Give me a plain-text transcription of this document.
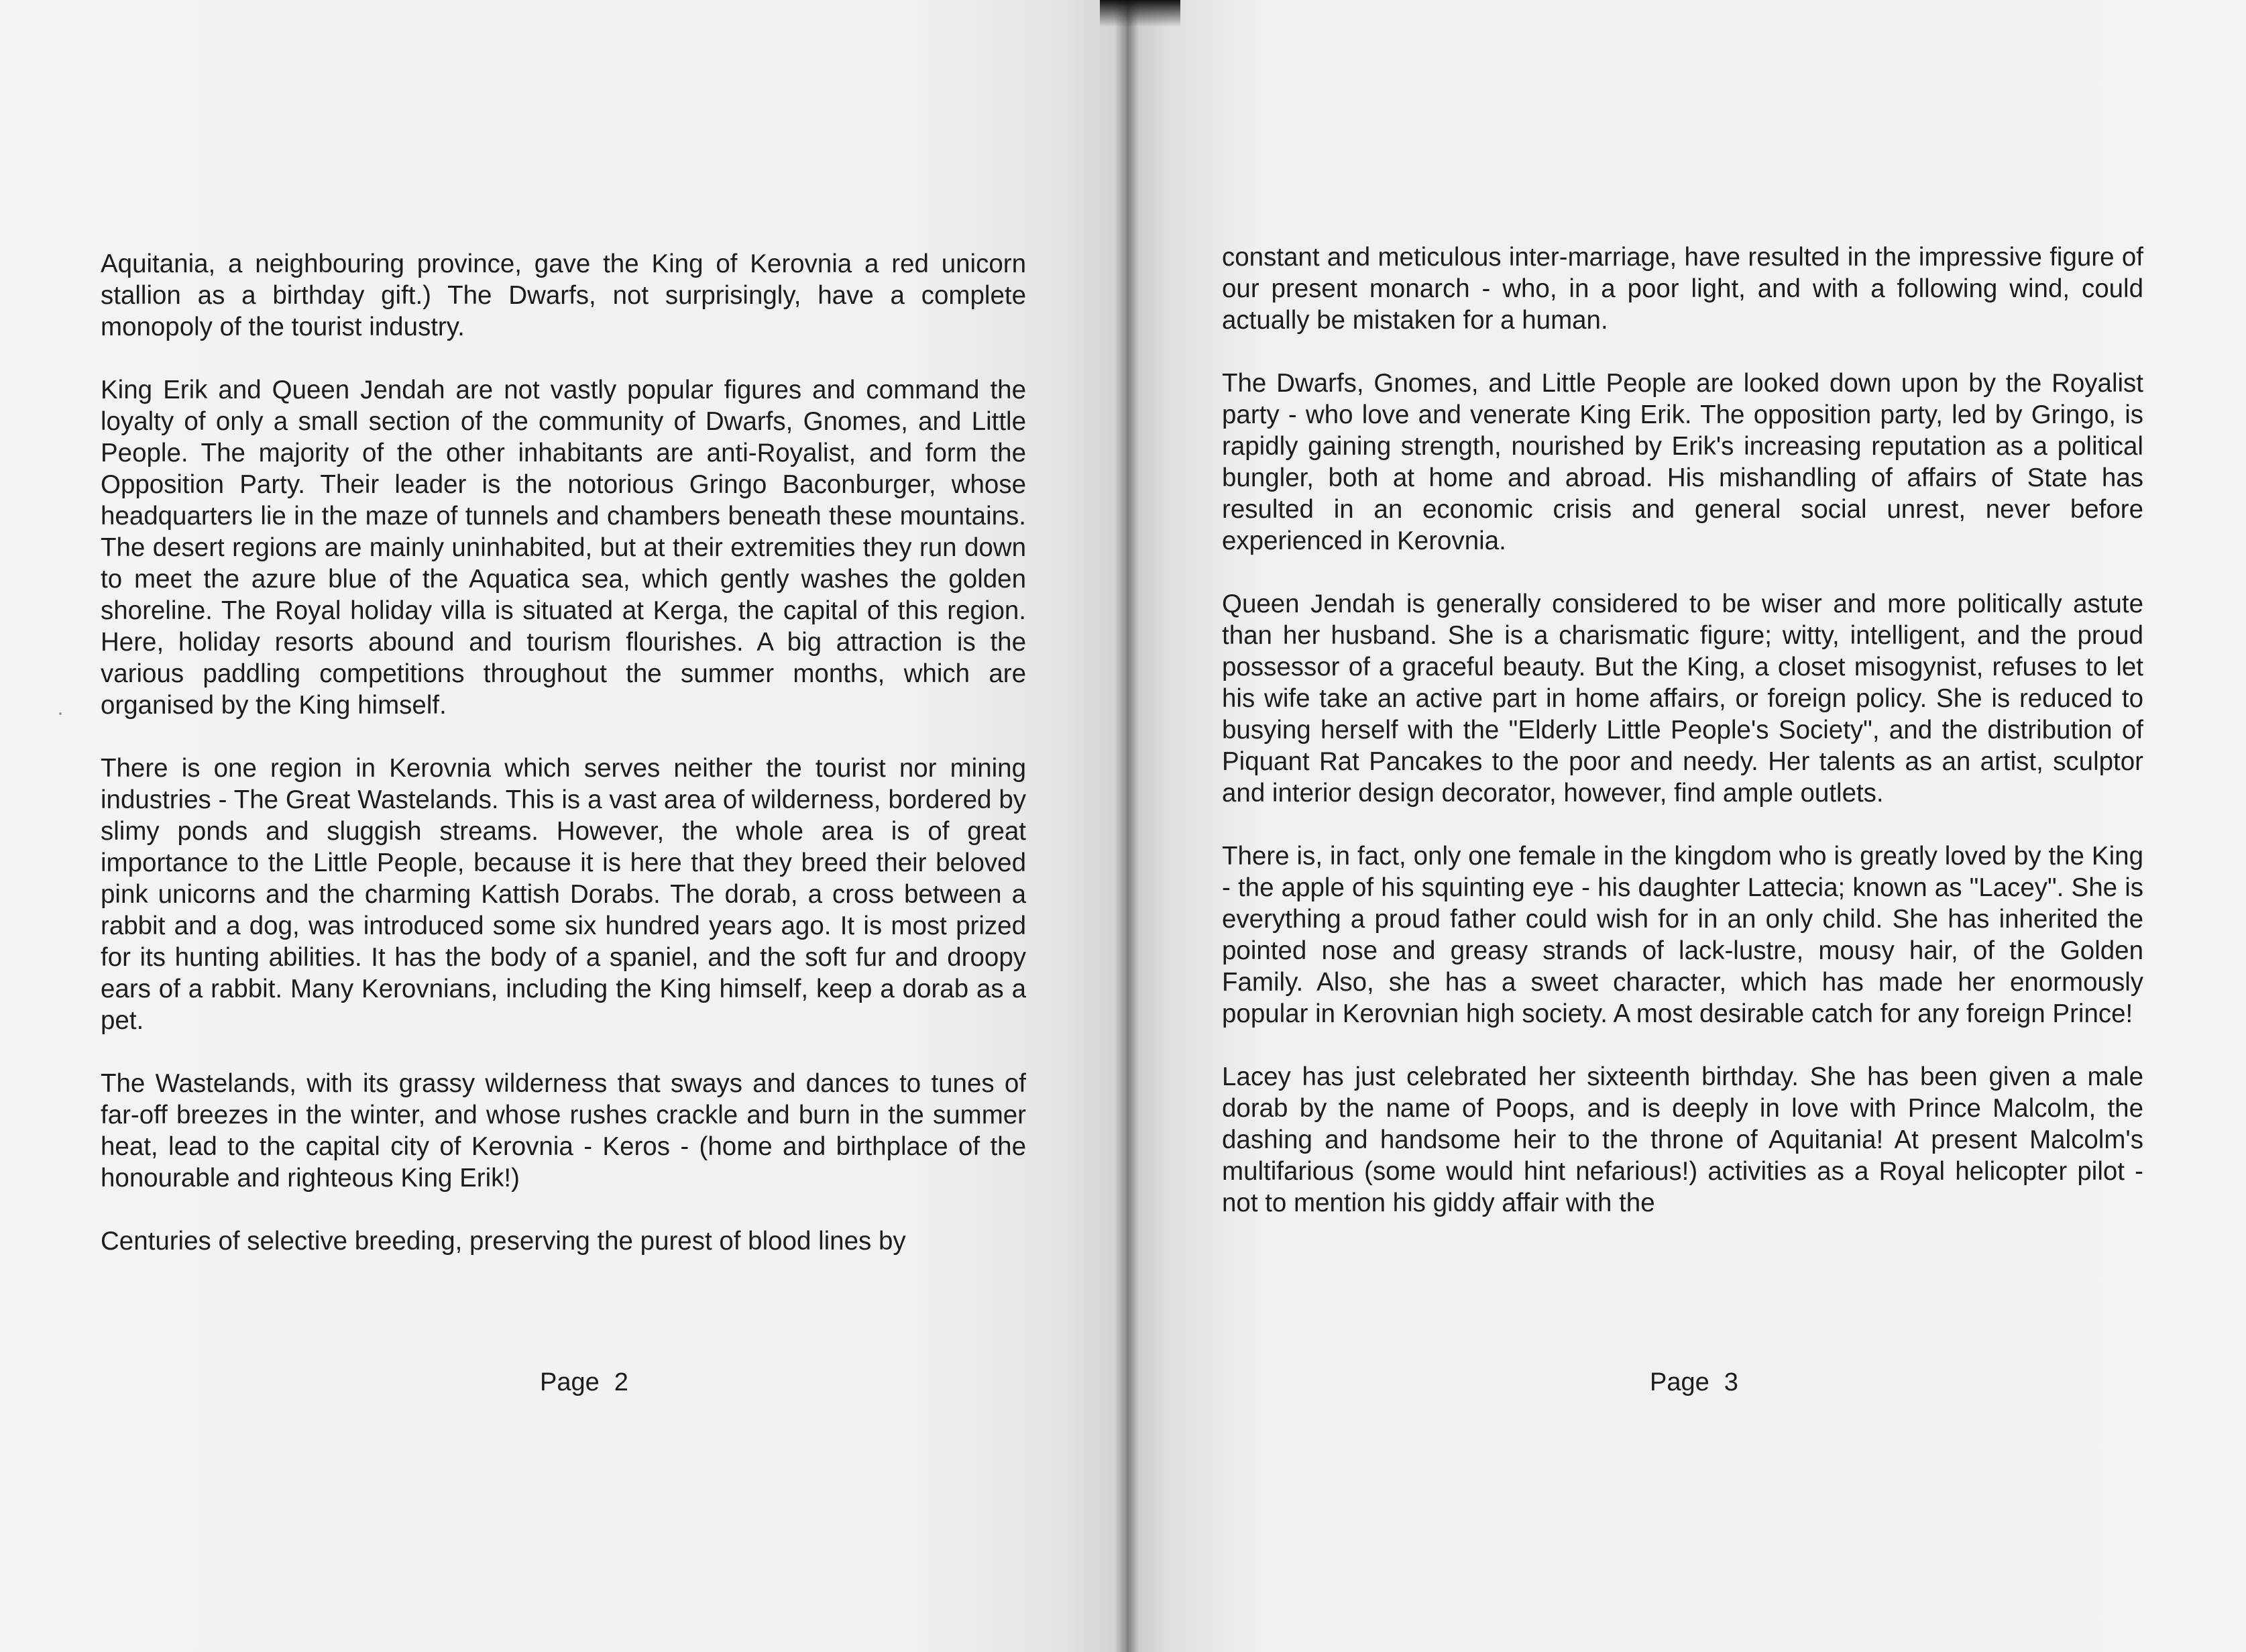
Aquitania, a neighbouring province, gave the King of Kerovnia a red unicorn stallion as a birthday gift.) The Dwarfs, not surprisingly, have a complete monopoly of the tourist industry.

King Erik and Queen Jendah are not vastly popular figures and command the loyalty of only a small section of the community of Dwarfs, Gnomes, and Little People. The majority of the other inhabitants are anti-Royalist, and form the Opposition Party. Their leader is the notorious Gringo Baconburger, whose headquarters lie in the maze of tunnels and chambers beneath these mountains. The desert regions are mainly uninhabited, but at their extremities they run down to meet the azure blue of the Aquatica sea, which gently washes the golden shoreline. The Royal holiday villa is situated at Kerga, the capital of this region. Here, holiday resorts abound and tourism flourishes. A big attraction is the various paddling competitions throughout the summer months, which are organised by the King himself.

There is one region in Kerovnia which serves neither the tourist nor mining industries - The Great Wastelands. This is a vast area of wilderness, bordered by slimy ponds and sluggish streams. However, the whole area is of great importance to the Little People, because it is here that they breed their beloved pink unicorns and the charming Kattish Dorabs. The dorab, a cross between a rabbit and a dog, was introduced some six hundred years ago. It is most prized for its hunting abilities. It has the body of a spaniel, and the soft fur and droopy ears of a rabbit. Many Kerovnians, including the King himself, keep a dorab as a pet.

The Wastelands, with its grassy wilderness that sways and dances to tunes of far-off breezes in the winter, and whose rushes crackle and burn in the summer heat, lead to the capital city of Kerovnia - Keros - (home and birthplace of the honourable and righteous King Erik!)

Centuries of selective breeding, preserving the purest of blood lines by

Page 2

constant and meticulous inter-marriage, have resulted in the impressive figure of our present monarch - who, in a poor light, and with a following wind, could actually be mistaken for a human.

The Dwarfs, Gnomes, and Little People are looked down upon by the Royalist party - who love and venerate King Erik. The opposition party, led by Gringo, is rapidly gaining strength, nourished by Erik's increasing reputation as a political bungler, both at home and abroad. His mishandling of affairs of State has resulted in an economic crisis and general social unrest, never before experienced in Kerovnia.

Queen Jendah is generally considered to be wiser and more politically astute than her husband. She is a charismatic figure; witty, intelligent, and the proud possessor of a graceful beauty. But the King, a closet misogynist, refuses to let his wife take an active part in home affairs, or foreign policy. She is reduced to busying herself with the "Elderly Little People's Society", and the distribution of Piquant Rat Pancakes to the poor and needy. Her talents as an artist, sculptor and interior design decorator, however, find ample outlets.

There is, in fact, only one female in the kingdom who is greatly loved by the King - the apple of his squinting eye - his daughter Lattecia; known as "Lacey". She is everything a proud father could wish for in an only child. She has inherited the pointed nose and greasy strands of lack-lustre, mousy hair, of the Golden Family. Also, she has a sweet character, which has made her enormously popular in Kerovnian high society. A most desirable catch for any foreign Prince!

Lacey has just celebrated her sixteenth birthday. She has been given a male dorab by the name of Poops, and is deeply in love with Prince Malcolm, the dashing and handsome heir to the throne of Aquitania! At present Malcolm's multifarious (some would hint nefarious!) activities as a Royal helicopter pilot - not to mention his giddy affair with the

Page 3
